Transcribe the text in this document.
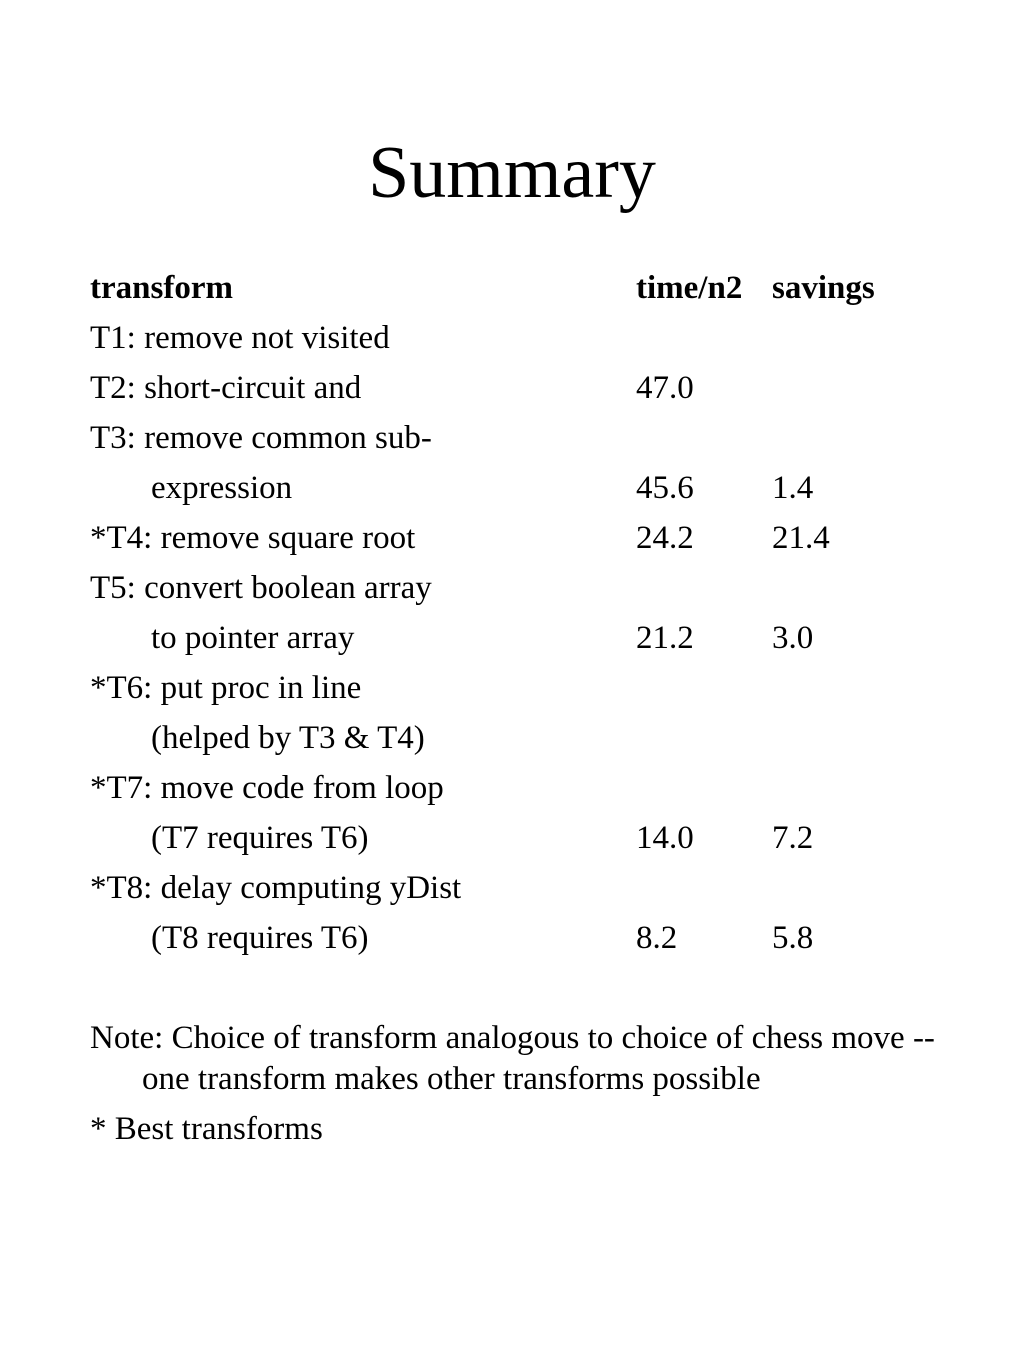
Summary
transform	time/n2 savings
T1: remove not visited
T2: short-circuit and	47.0
T3: remove common sub-
expression	45.6 1.4
*T4: remove square root	24.2 21.4
T5: convert boolean array
to pointer array	21.2 3.0
*T6: put proc in line
(helped by T3 & T4)
*T7: move code from loop
(T7 requires T6)	14.0 7.2
*T8: delay computing yDist
(T8 requires T6)	8.2	5.8

Note: Choice of transform analogous to choice of chess move -- one transform makes other transforms possible

* Best transforms
